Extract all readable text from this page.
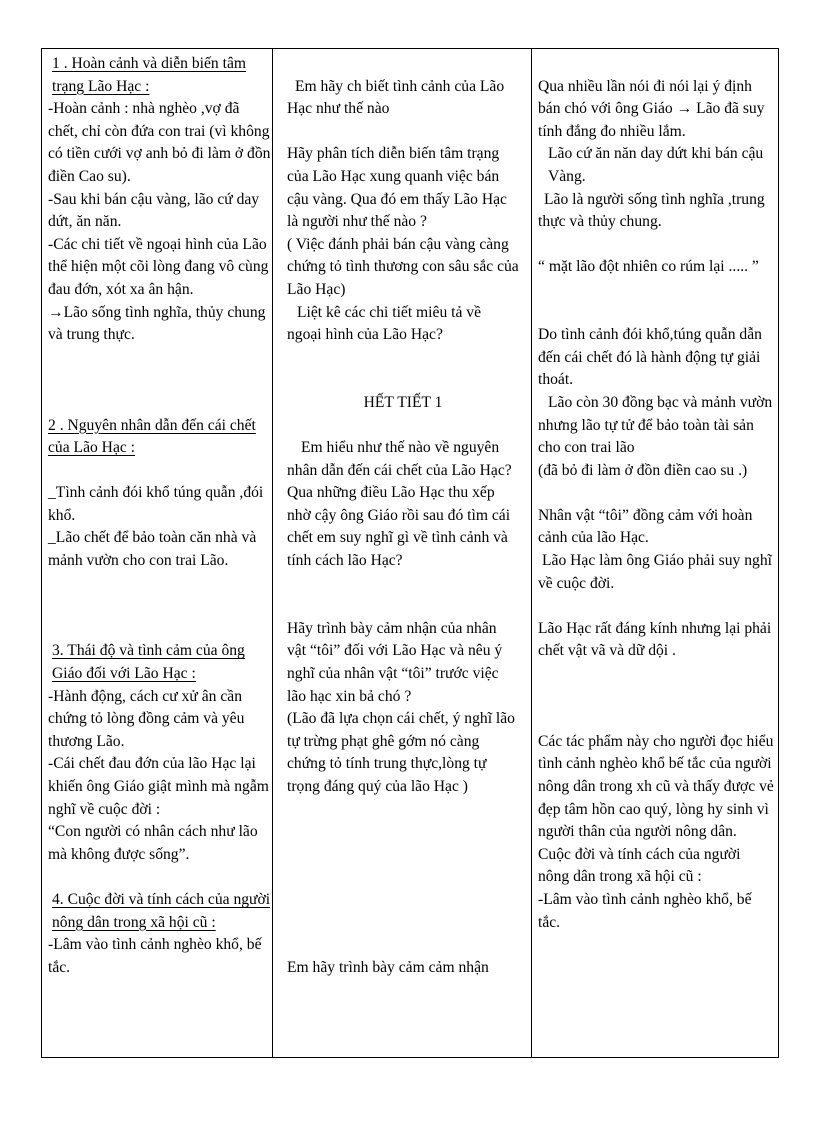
1 . Hoàn cảnh và diễn biến tâm trạng Lão Hạc :

-Hoàn cảnh : nhà nghèo ,vợ đã chết, chỉ còn đứa con trai (vì không có tiền cưới vợ anh bỏ đi làm ở đồn điền Cao su).

-Sau khi bán cậu vàng, lão cứ day dứt, ăn năn.

-Các chi tiết về ngoại hình của Lão thể hiện một cõi lòng đang vô cùng đau đớn, xót xa ân hận.

→Lão sống tình nghĩa, thủy chung và trung thực.

2 . Nguyên nhân dẫn đến cái chết của Lão Hạc :

_Tình cảnh đói khổ túng quẫn ,đói khổ.

_Lão chết để bảo toàn căn nhà và mảnh vườn cho con trai Lão.

3. Thái độ và tình cảm của ông Giáo đối với Lão Hạc :

-Hành động, cách cư xử ân cần chứng tỏ lòng đồng cảm và yêu thương Lão.

-Cái chết đau đớn của lão Hạc lại khiến ông Giáo giật mình mà ngẫm nghĩ về cuộc đời :

“Con người có nhân cách như lão mà không được sống”.

4. Cuộc đời và tính cách của người nông dân trong xã hội cũ :

-Lâm vào tình cảnh nghèo khổ, bế tắc.

Em hãy ch biết tình cảnh của Lão Hạc như thế nào

Hãy phân tích diễn biến tâm trạng của Lão Hạc xung quanh việc bán cậu vàng. Qua đó em thấy Lão Hạc là người như thế nào ?

( Việc đánh phải bán cậu vàng càng chứng tỏ tình thương con sâu sắc của Lão Hạc)

Liệt kê các chi tiết miêu tả về ngoại hình của Lão Hạc?

HẾT TIẾT 1

Em hiểu như thế nào về nguyên nhân dẫn đến cái chết của Lão Hạc? Qua những điều Lão Hạc thu xếp nhờ cậy ông Giáo rồi sau đó tìm cái chết em suy nghĩ gì về tình cảnh và tính cách lão Hạc?

Hãy trình bày cảm nhận của nhân vật “tôi” đối với Lão Hạc và nêu ý nghĩ của nhân vật “tôi” trước việc lão hạc xin bả chó ?

(Lão đã lựa chọn cái chết, ý nghĩ lão tự trừng phạt ghê gớm nó càng chứng tỏ tính trung thực,lòng tự trọng đáng quý của lão Hạc )

Em hãy trình bày cảm cảm nhận

Qua nhiều lần nói đi nói lại ý định bán chó với ông Giáo → Lão đã suy tính đắng đo nhiều lắm.

Lão cứ ăn năn day dứt khi bán cậu Vàng.

Lão là người sống tình nghĩa ,trung thực và thủy chung.

“ mặt lão đột nhiên co rúm lại ..... ”

Do tình cảnh đói khổ,túng quẫn dẫn đến cái chết đó là hành động tự giải thoát.

Lão còn 30 đồng bạc và mảnh vườn nhưng lão tự tử để bảo toàn tài sản cho con trai lão

(đã bỏ đi làm ở đồn điền cao su .)

Nhân vật “tôi” đồng cảm với hoàn cảnh của lão Hạc.

Lão Hạc làm ông Giáo phải suy nghĩ về cuộc đời.

Lão Hạc rất đáng kính nhưng lại phải chết vật vã và dữ dội .

Các tác phẩm này cho người đọc hiểu tình cảnh nghèo khổ bế tắc của người nông dân trong xh cũ và thấy được vẻ đẹp tâm hồn cao quý, lòng hy sinh vì người thân của người nông dân.

Cuộc đời và tính cách của người nông dân trong xã hội cũ :

-Lâm vào tình cảnh nghèo khổ, bế tắc.
